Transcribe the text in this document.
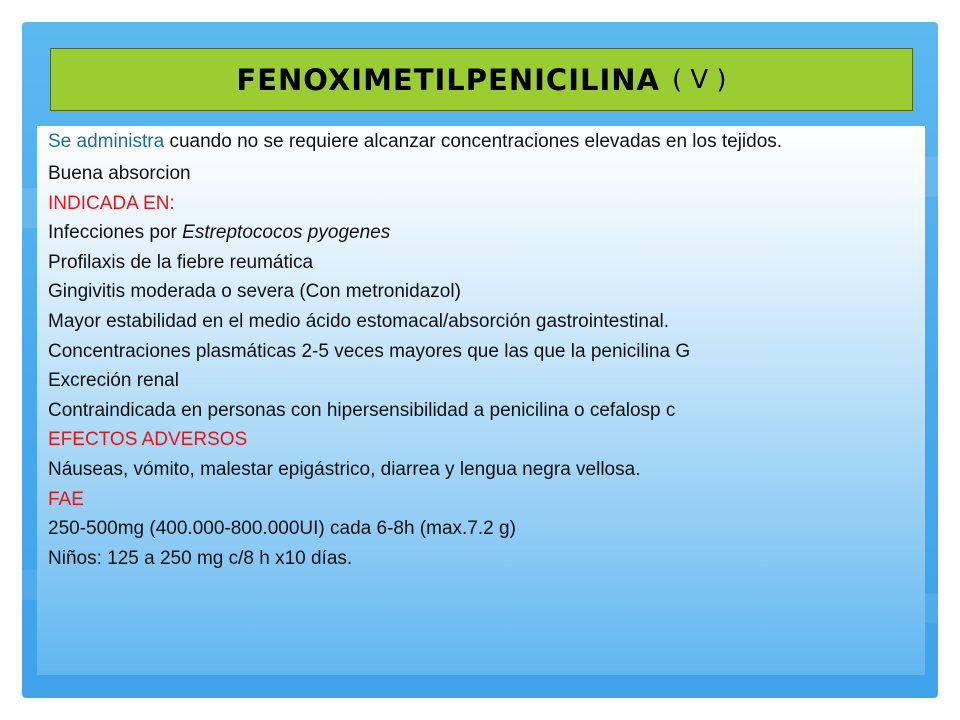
FENOXIMETILPENICILINA ( V )
Se administra cuando no se requiere alcanzar concentraciones elevadas en los tejidos.
Buena absorcion
INDICADA EN:
Infecciones por Estreptococos pyogenes
Profilaxis de la fiebre reumática
Gingivitis moderada o severa (Con metronidazol)
Mayor estabilidad en el medio ácido estomacal/absorción gastrointestinal.
Concentraciones plasmáticas 2-5 veces mayores que las que la penicilina G
Excreción renal
Contraindicada en personas con hipersensibilidad a penicilina o cefalosp c
EFECTOS ADVERSOS
Náuseas, vómito, malestar epigástrico, diarrea y lengua negra vellosa.
FAE
250-500mg (400.000-800.000UI) cada 6-8h (max.7.2 g)
Niños: 125 a 250 mg c/8 h x10 días.
